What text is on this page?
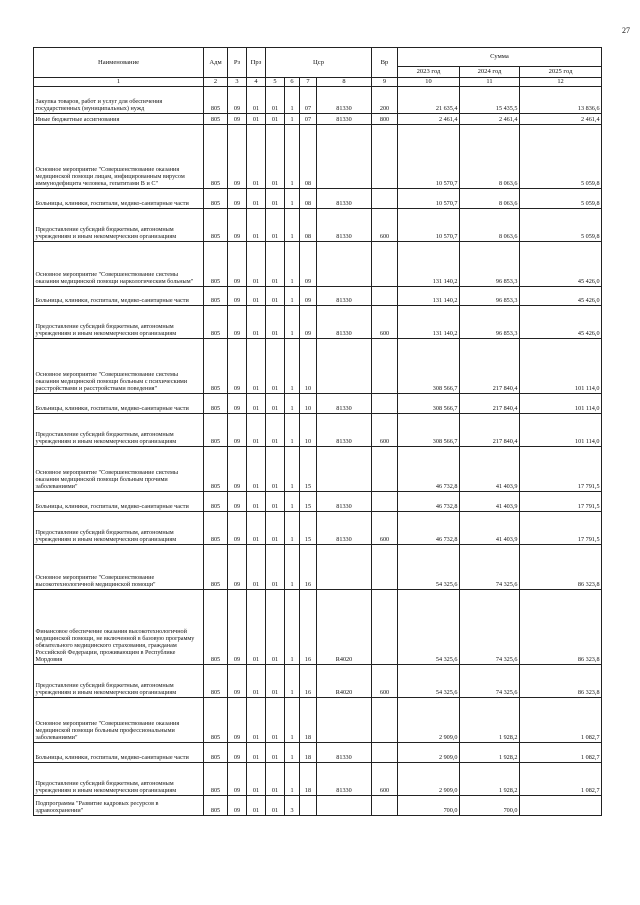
27
Наименование	Адм	Рз	Прз	Цср				Вр	Сумма		
									2023 год	2024 год	2025 год
1	2	3	4	5	6	7	8	9	10	11	12
Закупка товаров, работ и услуг для обеспечения государственных (муниципальных) нужд	805	09	01	01	1	07	81330	200	21 635,4	15 435,5	13 836,6
Иные бюджетные ассигнования	805	09	01	01	1	07	81330	800	2 461,4	2 461,4	2 461,4
Основное мероприятие "Совершенствование оказания медицинской помощи лицам, инфицированным вирусом иммунодефицита человека, гепатитами В и С"	805	09	01	01	1	08			10 570,7	8 063,6	5 059,8
Больницы, клиники, госпитали, медико-санитарные части	805	09	01	01	1	08	81330		10 570,7	8 063,6	5 059,8
Предоставление субсидий бюджетным, автономным учреждениям и иным некоммерческим организациям	805	09	01	01	1	08	81330	600	10 570,7	8 063,6	5 059,8
Основное мероприятие "Совершенствование системы оказания медицинской помощи наркологическим больным"	805	09	01	01	1	09			131 140,2	96 853,3	45 426,0
Больницы, клиники, госпитали, медико-санитарные части	805	09	01	01	1	09	81330		131 140,2	96 853,3	45 426,0
Предоставление субсидий бюджетным, автономным учреждениям и иным некоммерческим организациям	805	09	01	01	1	09	81330	600	131 140,2	96 853,3	45 426,0
Основное мероприятие "Совершенствование системы оказания медицинской помощи больным с психическими расстройствами и расстройствами поведения"	805	09	01	01	1	10			308 566,7	217 840,4	101 114,0
Больницы, клиники, госпитали, медико-санитарные части	805	09	01	01	1	10	81330		308 566,7	217 840,4	101 114,0
Предоставление субсидий бюджетным, автономным учреждениям и иным некоммерческим организациям	805	09	01	01	1	10	81330	600	308 566,7	217 840,4	101 114,0
Основное мероприятие "Совершенствование системы оказания медицинской помощи больным прочими заболеваниями"	805	09	01	01	1	15			46 732,8	41 403,9	17 791,5
Больницы, клиники, госпитали, медико-санитарные части	805	09	01	01	1	15	81330		46 732,8	41 403,9	17 791,5
Предоставление субсидий бюджетным, автономным учреждениям и иным некоммерческим организациям	805	09	01	01	1	15	81330	600	46 732,8	41 403,9	17 791,5
Основное мероприятие "Совершенствование высокотехнологичной медицинской помощи"	805	09	01	01	1	16			54 325,6	74 325,6	86 323,8
Финансовое обеспечение оказания высокотехнологичной медицинской помощи, не включенной в базовую программу обязательного медицинского страхования, гражданам Российской Федерации, проживающим в Республике Мордовия	805	09	01	01	1	16	R4020		54 325,6	74 325,6	86 323,8
Предоставление субсидий бюджетным, автономным учреждениям и иным некоммерческим организациям	805	09	01	01	1	16	R4020	600	54 325,6	74 325,6	86 323,8
Основное мероприятие "Совершенствование оказания медицинской помощи больным профессиональными заболеваниями"	805	09	01	01	1	18			2 909,0	1 928,2	1 082,7
Больницы, клиники, госпитали, медико-санитарные части	805	09	01	01	1	18	81330		2 909,0	1 928,2	1 082,7
Предоставление субсидий бюджетным, автономным учреждениям и иным некоммерческим организациям	805	09	01	01	1	18	81330	600	2 909,0	1 928,2	1 082,7
Подпрограмма "Развитие кадровых ресурсов в здравоохранении"	805	09	01	01	3				700,0	700,0	
